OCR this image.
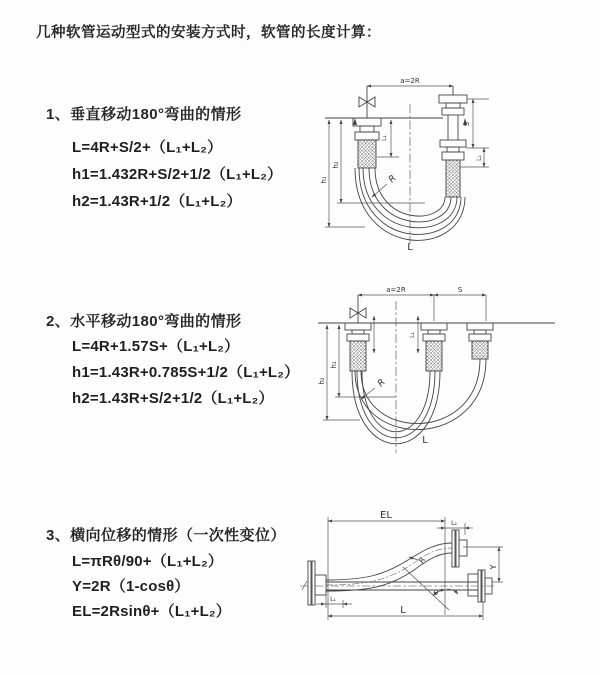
几种软管运动型式的安装方式时，软管的长度计算：
1、垂直移动180°弯曲的情形
L=4R+S/2+（L₁+L₂）
h1=1.432R+S/2+1/2（L₁+L₂）
h2=1.43R+1/2（L₁+L₂）
2、水平移动180°弯曲的情形
L=4R+1.57S+（L₁+L₂）
h1=1.43R+0.785S+1/2（L₁+L₂）
h2=1.43R+S/2+1/2（L₁+L₂）
3、横向位移的情形（一次性变位）
L=πRθ/90+（L₁+L₂）
Y=2R（1-cosθ）
EL=2Rsinθ+（L₁+L₂）
a=2R
h₂
h₁
L₁
S
L₂
R
L
a=2R	S
L₁
h₁
h₂	R
L
EL
L₂
Y
R
θ
L
L₁
